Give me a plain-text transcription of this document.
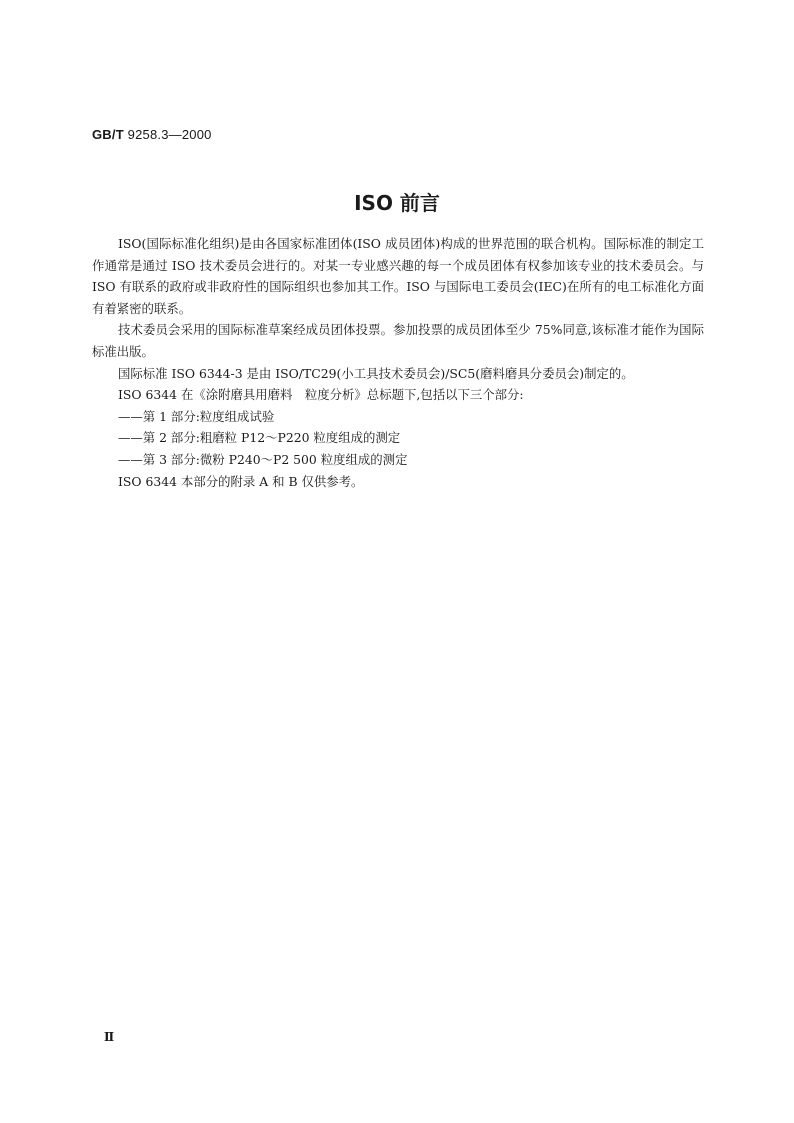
GB/T 9258.3—2000
ISO 前言

ISO(国际标准化组织)是由各国家标准团体(ISO 成员团体)构成的世界范围的联合机构。国际标准的制定工作通常是通过 ISO 技术委员会进行的。对某一专业感兴趣的每一个成员团体有权参加该专业的技术委员会。与 ISO 有联系的政府或非政府性的国际组织也参加其工作。ISO 与国际电工委员会(IEC)在所有的电工标准化方面有着紧密的联系。

技术委员会采用的国际标准草案经成员团体投票。参加投票的成员团体至少 75%同意,该标准才能作为国际标准出版。

国际标准 ISO 6344-3 是由 ISO/TC29(小工具技术委员会)/SC5(磨料磨具分委员会)制定的。

ISO 6344 在《涂附磨具用磨料　粒度分析》总标题下,包括以下三个部分:

——第 1 部分:粒度组成试验

——第 2 部分:粗磨粒 P12～P220 粒度组成的测定

——第 3 部分:微粉 P240～P2 500 粒度组成的测定

ISO 6344 本部分的附录 A 和 B 仅供参考。

Ⅱ
